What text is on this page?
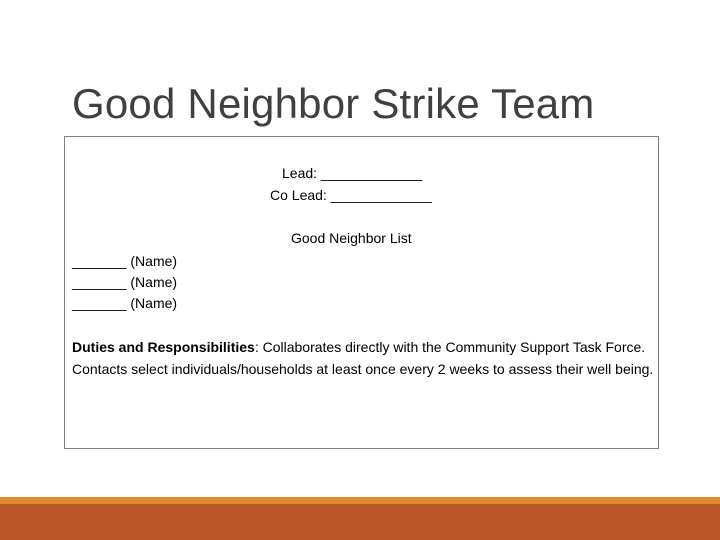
Good Neighbor Strike Team
Lead: _____________
Co Lead: _____________
Good Neighbor List
_______ (Name)
_______ (Name)
_______ (Name)
Duties and Responsibilities: Collaborates directly with the Community Support Task Force. Contacts select individuals/households at least once every 2 weeks to assess their well being.
